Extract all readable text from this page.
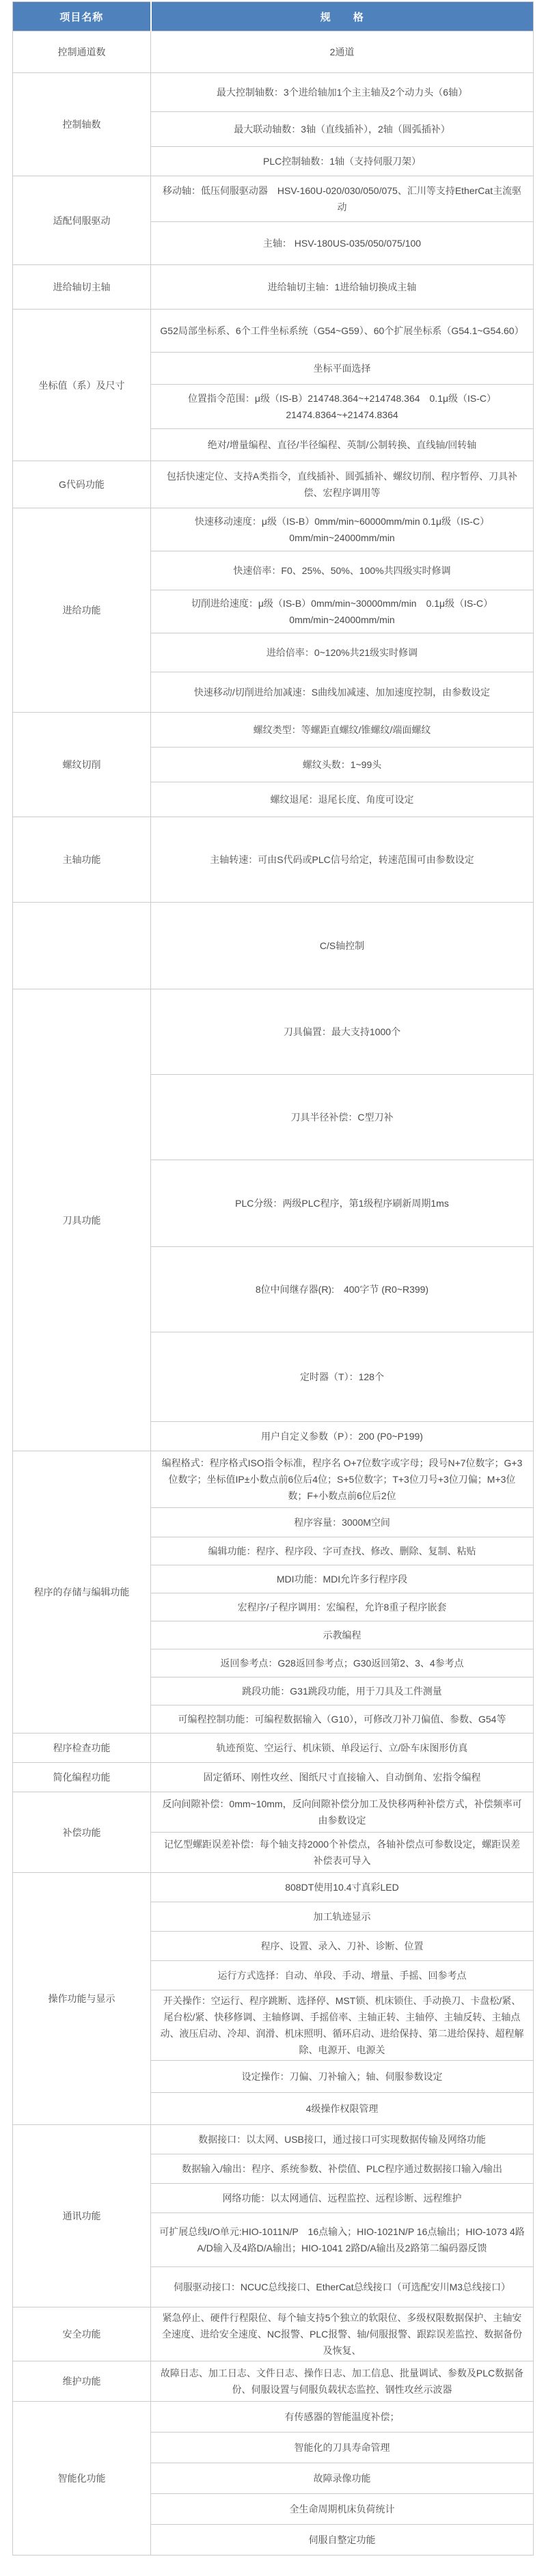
项目名称	规　　格
控制通道数	2通道
控制轴数	最大控制轴数：3个进给轴加1个主主轴及2个动力头（6轴）
	最大联动轴数：3轴（直线插补），2轴（圆弧插补）
	PLC控制轴数：1轴（支持伺服刀架）
适配伺服驱动	移动轴：低压伺服驱动器　HSV-160U-020/030/050/075、汇川等支持EtherCat主流驱动
	主轴： HSV-180US-035/050/075/100
进给轴切主轴	进给轴切主轴：1进给轴切换成主轴
坐标值（系）及尺寸	G52局部坐标系、6个工件坐标系统（G54~G59）、60个扩展坐标系（G54.1~G54.60）
	坐标平面选择
	位置指令范围：μ级（IS-B）214748.364~+214748.364　0.1μ级（IS-C）21474.8364~+21474.8364
	绝对/增量编程、直径/半径编程、英制/公制转换、直线轴/回转轴
G代码功能	包括快速定位、支持A类指令，直线插补、圆弧插补、螺纹切削、程序暂停、刀具补偿、宏程序调用等
进给功能	快速移动速度：μ级（IS-B）0mm/min~60000mm/min 0.1μ级（IS-C）0mm/min~24000mm/min
	快速倍率：F0、25%、50%、100%共四级实时修调
	切削进给速度：μ级（IS-B）0mm/min~30000mm/min　0.1μ级（IS-C）0mm/min~24000mm/min
	进给倍率：0~120%共21级实时修调
	快速移动/切削进给加减速：S曲线加减速、加加速度控制，由参数设定
螺纹切削	螺纹类型：等螺距直螺纹/锥螺纹/端面螺纹
	螺纹头数：1~99头
	螺纹退尾：退尾长度、角度可设定
主轴功能	主轴转速：可由S代码或PLC信号给定，转速范围可由参数设定
	C/S轴控制
刀具功能	刀具偏置：最大支持1000个
	刀具半径补偿：C型刀补
	PLC分级：两级PLC程序，第1级程序刷新周期1ms
	8位中间继存器(R):　400字节 (R0~R399)
	定时器（T）：128个
	用户自定义参数（P）：200 (P0~P199)
程序的存储与编辑功能	编程格式：程序格式ISO指令标准，程序名 O+7位数字或字母；段号N+7位数字；G+3位数字；坐标值IP±小数点前6位后4位；S+5位数字；T+3位刀号+3位刀偏；M+3位数；F+小数点前6位后2位
	程序容量：3000M空间
	编辑功能：程序、程序段、字可查找、修改、删除、复制、粘贴
	MDI功能：MDI允许多行程序段
	宏程序/子程序调用：宏编程，允许8重子程序嵌套
	示教编程
	返回参考点：G28返回参考点；G30返回第2、3、4参考点
	跳段功能：G31跳段功能，用于刀具及工件测量
	可编程控制功能：可编程数据输入（G10），可修改刀补刀偏值、参数、G54等
程序检查功能	轨迹预览、空运行、机床锁、单段运行、立/卧车床图形仿真
简化编程功能	固定循环、刚性攻丝、图纸尺寸直接输入、自动倒角、宏指令编程
补偿功能	反向间隙补偿：0mm~10mm，反向间隙补偿分加工及快移两种补偿方式，补偿频率可由参数设定
	记忆型螺距误差补偿：每个轴支持2000个补偿点，各轴补偿点可参数设定，螺距误差补偿表可导入
操作功能与显示	808DT使用10.4寸真彩LED
	加工轨迹显示
	程序、设置、录入、刀补、诊断、位置
	运行方式选择：自动、单段、手动、增量、手摇、回参考点
	开关操作：空运行、程序跳断、选择停、MST锁、机床锁住、手动换刀、卡盘松/紧、尾台松/紧、快移修调、主轴修调、手摇倍率、主轴正转、主轴停、主轴反转、主轴点动、液压启动、冷却、润滑、机床照明、循环启动、进给保持、第二进给保持、超程解除、电源开、电源关
	设定操作：刀偏、刀补输入；轴、伺服参数设定
	4级操作权限管理
通讯功能	数据接口：以太网、USB接口，通过接口可实现数据传输及网络功能
	数据输入/输出：程序、系统参数、补偿值、PLC程序通过数据接口输入/输出
	网络功能：以太网通信、远程监控、远程诊断、远程维护
	可扩展总线I/O单元:HIO-1011N/P　16点输入；HIO-1021N/P 16点输出；HIO-1073 4路A/D输入及4路D/A输出；HIO-1041 2路D/A输出及2路第二编码器反馈
	伺服驱动接口：NCUC总线接口、EtherCat总线接口（可选配安川M3总线接口）
安全功能	紧急停止、硬件行程限位、每个轴支持5个独立的软限位、多级权限数据保护、主轴安全速度、进给安全速度、NC报警、PLC报警、轴/伺服报警、跟踪误差监控、数据备份及恢复、
维护功能	故障日志、加工日志、文件日志、操作日志、加工信息、批量调试、参数及PLC数据备份、伺服设置与伺服负载状态监控、钢性攻丝示波器
智能化功能	有传感器的智能温度补偿；
	智能化的刀具寿命管理
	故障录像功能
	全生命周期机床负荷统计
	伺服自整定功能
